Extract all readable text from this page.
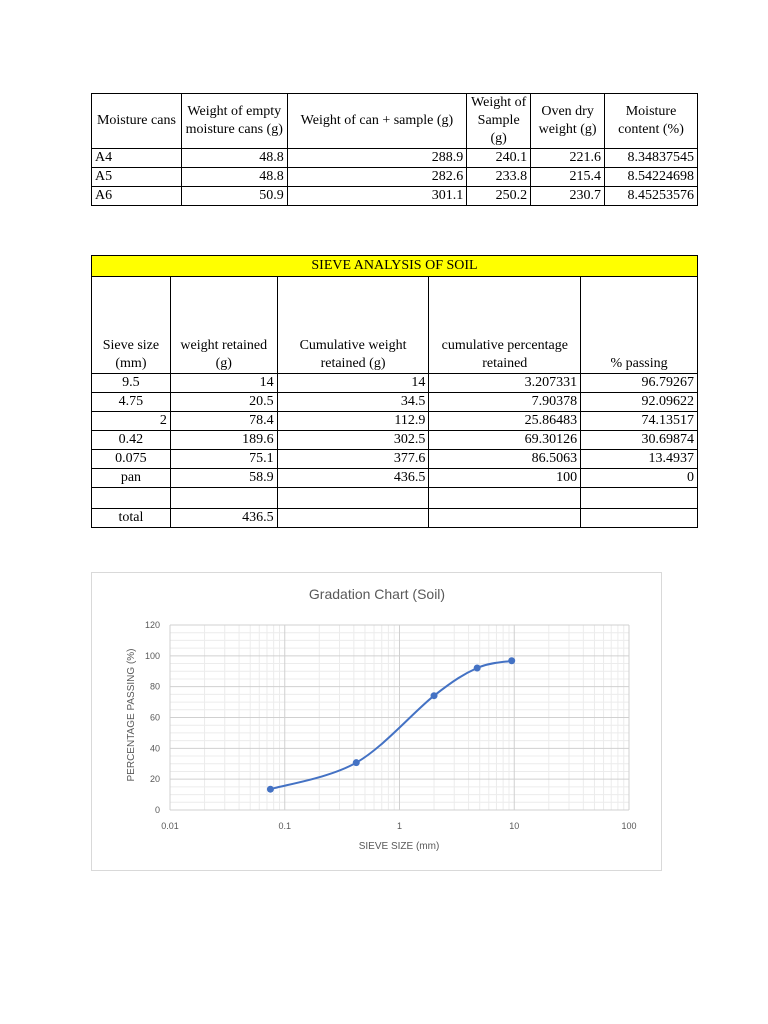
Moisture cans	Weight of empty moisture cans (g)	Weight of can + sample (g)	Weight of Sample (g)	Oven dry weight (g)	Moisture content (%)
A4	48.8	288.9	240.1	221.6	8.34837545
A5	48.8	282.6	233.8	215.4	8.54224698
A6	50.9	301.1	250.2	230.7	8.45253576
SIEVE ANALYSIS OF SOIL				
Sieve size (mm)	weight retained (g)	Cumulative weight retained (g)	cumulative percentage retained	% passing
9.5	14	14	3.207331	96.79267
4.75	20.5	34.5	7.90378	92.09622
2	78.4	112.9	25.86483	74.13517
0.42	189.6	302.5	69.30126	30.69874
0.075	75.1	377.6	86.5063	13.4937
pan	58.9	436.5	100	0

total	436.5			
0.01	0.1	1	10	100
0
20
40
60
80
100
120
Gradation Chart (Soil)
SIEVE SIZE (mm)
PERCENTAGE PASSING (%)
